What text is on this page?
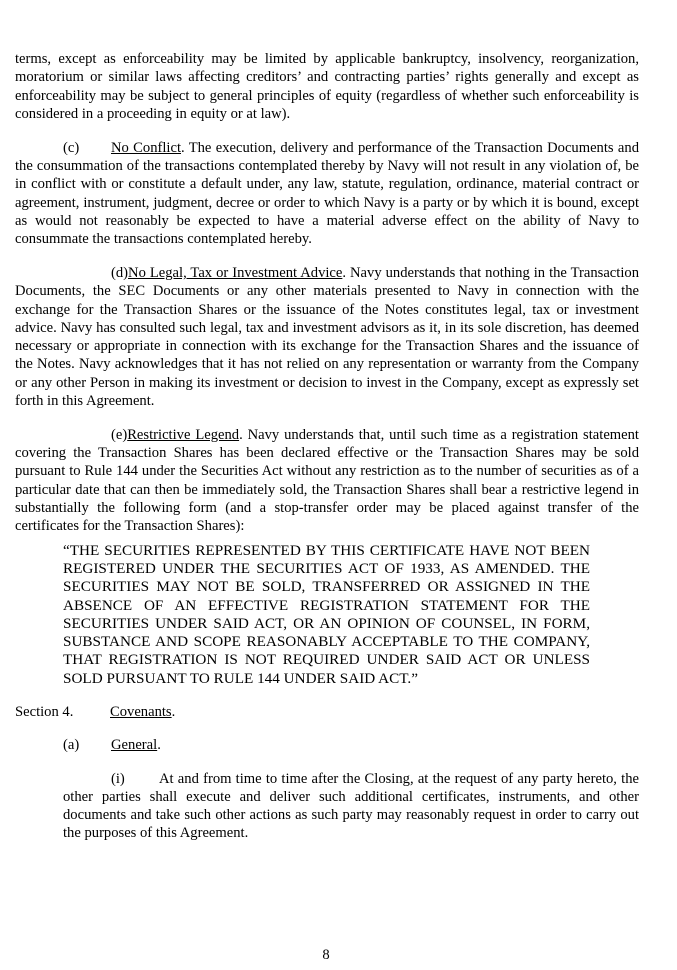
terms, except as enforceability may be limited by applicable bankruptcy, insolvency, reorganization, moratorium or similar laws affecting creditors’ and contracting parties’ rights generally and except as enforceability may be subject to general principles of equity (regardless of whether such enforceability is considered in a proceeding in equity or at law).

(c) No Conflict. The execution, delivery and performance of the Transaction Documents and the consummation of the transactions contemplated thereby by Navy will not result in any violation of, be in conflict with or constitute a default under, any law, statute, regulation, ordinance, material contract or agreement, instrument, judgment, decree or order to which Navy is a party or by which it is bound, except as would not reasonably be expected to have a material adverse effect on the ability of Navy to consummate the transactions contemplated hereby.

(d)No Legal, Tax or Investment Advice. Navy understands that nothing in the Transaction Documents, the SEC Documents or any other materials presented to Navy in connection with the exchange for the Transaction Shares or the issuance of the Notes constitutes legal, tax or investment advice. Navy has consulted such legal, tax and investment advisors as it, in its sole discretion, has deemed necessary or appropriate in connection with its exchange for the Transaction Shares and the issuance of the Notes. Navy acknowledges that it has not relied on any representation or warranty from the Company or any other Person in making its investment or decision to invest in the Company, except as expressly set forth in this Agreement.

(e)Restrictive Legend. Navy understands that, until such time as a registration statement covering the Transaction Shares has been declared effective or the Transaction Shares may be sold pursuant to Rule 144 under the Securities Act without any restriction as to the number of securities as of a particular date that can then be immediately sold, the Transaction Shares shall bear a restrictive legend in substantially the following form (and a stop-transfer order may be placed against transfer of the certificates for the Transaction Shares):

“THE SECURITIES REPRESENTED BY THIS CERTIFICATE HAVE NOT BEEN REGISTERED UNDER THE SECURITIES ACT OF 1933, AS AMENDED. THE SECURITIES MAY NOT BE SOLD, TRANSFERRED OR ASSIGNED IN THE ABSENCE OF AN EFFECTIVE REGISTRATION STATEMENT FOR THE SECURITIES UNDER SAID ACT, OR AN OPINION OF COUNSEL, IN FORM, SUBSTANCE AND SCOPE REASONABLY ACCEPTABLE TO THE COMPANY, THAT REGISTRATION IS NOT REQUIRED UNDER SAID ACT OR UNLESS SOLD PURSUANT TO RULE 144 UNDER SAID ACT.”

Section 4.	Covenants.

(a) General.

(i) At and from time to time after the Closing, at the request of any party hereto, the other parties shall execute and deliver such additional certificates, instruments, and other documents and take such other actions as such party may reasonably request in order to carry out the purposes of this Agreement.

8
